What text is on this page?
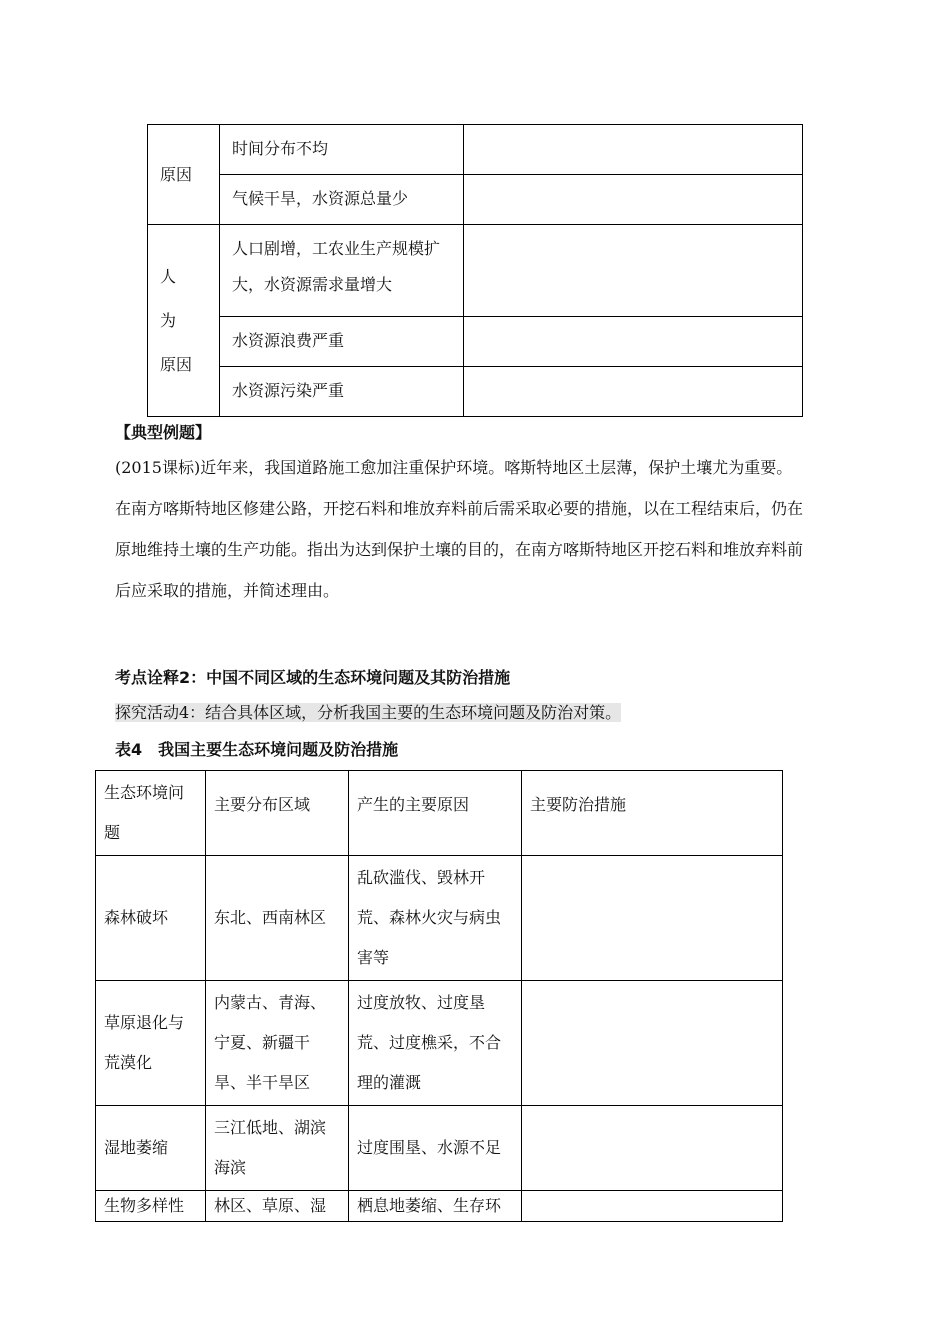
原因	时间分布不均	
	气候干旱，水资源总量少	

人　为
原因	人口剧增，工农业生产规模扩大，水资源需求量增大	
	水资源浪费严重	
	水资源污染严重	
【典型例题】
(2015课标)近年来，我国道路施工愈加注重保护环境。喀斯特地区土层薄，保护土壤尤为重要。
在南方喀斯特地区修建公路，开挖石料和堆放弃料前后需采取必要的措施，以在工程结束后，仍在
原地维持土壤的生产功能。指出为达到保护土壤的目的，在南方喀斯特地区开挖石料和堆放弃料前
后应采取的措施，并简述理由。
考点诠释2：中国不同区域的生态环境问题及其防治措施
探究活动4：结合具体区域，分析我国主要的生态环境问题及防治对策。
表4　我国主要生态环境问题及防治措施
生态环境问题	主要分布区域	产生的主要原因	主要防治措施
森林破坏	东北、西南林区	乱砍滥伐、毁林开荒、森林火灾与病虫害等	
草原退化与荒漠化	内蒙古、青海、宁夏、新疆干旱、半干旱区	过度放牧、过度垦荒、过度樵采，不合理的灌溉	
湿地萎缩	三江低地、湖滨海滨	过度围垦、水源不足	
生物多样性	林区、草原、湿	栖息地萎缩、生存环	
